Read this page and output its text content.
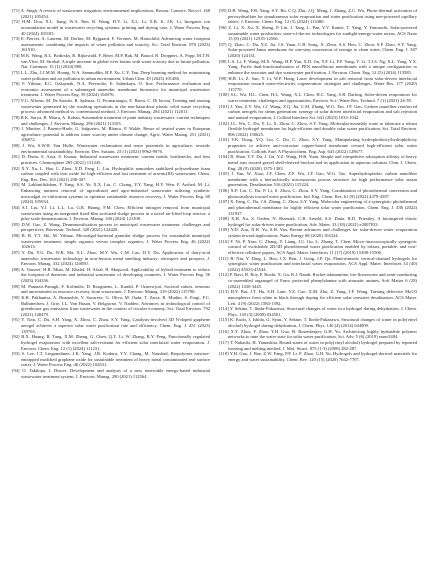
[71] A. Singh, A review of wastewater irrigation: environmental implications, Resour. Conserv. Recycl. 168 (2021) 105454.

[72] H.M. Dou, X.L. Jiang, W.A. Ren, B. Wang, H.Y. Li, X.L. Li, X.B. Ji, J.K. Li, Inorganic ion accumulation model in wastewater recycling systems: printing and dyeing case, J. Water Process Eng. 40 (2024) 105183.

[73] E. Piercet, A. Laurent, M. Dorber, M. Ryjgaard, F. Verones, M. Hauschild, Advancing water footprint assessments: combining the impacts of water pollution and scarcity, Sci. Total Environ. 870 (2023) 161910.

[74] M.K. Wang, R.L. Bodirsky, R. Rijkewald, F. Beier, M.P. Bak, M. Batool, B. Droppers, A. Popp, M.T.H. van Vliet, M. Strokal, A triple increase in global river basins with water scarcity due to future pollution, Nat. Commun. 15 (1) (2024) 880.

[75] L.L. Zhu, J.J.M.M. Hoang, N.A. Samnuddin, H.P. Xu, C.Y. Tan, Deep learning method for minimizing water pollution and air pollution in urban environment, Urban Clim. 49 (2023) 101486.

[76] F. Yilmaz, E.C. Ozkaynak, N.A. Pereiroliz, E. Sahinkaya, O. Itoe, Performance evaluation and economic assessment of a submerged anaerobic membrane bioreactor for municipal wastewater treatment, J. Water Process Eng. 59 (2024) 104976.

[77] V.G. Alfonsi, M. De Sanctis, R. Splenza, G. Prontaratagio, E. Barca, C. Di Iaconi, Treating and reusing wastewater generated by the washing operations in the non-hazardous plastic solid waste recycling process: advanced method vs. conventional method, J. Environ. Manag. 284 (2021) 112011.

[78] R.K. Surya, B. Marra, A. Kohan, Sustainable treatment of paint industry wastewater: current techniques and challenges, J. Environ. Manag. 296 (2021) 113105.

[79] J. Minière, J. Buenio-Harle, G. Salgueiro, M. Blanco, P. Walde, Reuse of treated water in European agriculture: potential to address water scarcity under climate change, Agric. Water Manag. 251 (2021) 106872.

[80] J. Wu, S.W.H. Van Hulle, Wastewater reclamation and reuse potentials in agriculture: towards environmental sustainability, Environ. Dev. Sustain. 23 (1) (2021) 9962-9976.

[81] D. Dutta, S. Arya, S. Kumar, Industrial wastewater treatment: current trends, bottlenecks, and best practices, Chemosphere 285 (2021) 131245.

[82] X.Y. Xu, L. Hao, L. Zhou, X.D. Fang, L. Liu, Hydrophilic nanotubes stabilized polyurethane foam carbon coupled with iron oxide for high-efficient and fast treatment of arsenic(III) wastewater, Chem. Eng. Res. Des. 165 (2021) 298-307.

[83] M. Lakhmifidohan, F. Yang, S.S. Ye, X.X. Liu, C. Chung, Y.Y. Yang, H.Y. Wen, F. Arshed, M. Li, Enhancing nutrient removal of agricultural and agro-industrial wastewater utilizing synthetic microalgal co-cultivation systems to optimize sustainable resource recovery, J. Water Process Eng. 60 (2024) 105034.

[84] S.J. Liu, Y.J. Li, L.L. Lu, G.R. Huang, F.M. Chen, Efficient nitrogen removal from municipal wastewater using an integrated fixed-film activated sludge process in a novel air-lifted loop reactor: a pilot-scale demonstration, J. Environ. Manag. 340 (2024) 121108.

[85] D.W. Gao, Z. Wang, Deammonification process in municipal wastewater treatment: challenges and perspectives, Bioresour. Technol. 320 (2021) 124420.

[86] B. B. Y.T. Shi, M. Yilmaz, Microalgal-bacterial granular sludge process for sustainable municipal wastewater treatment: simple organics versus complex organics, J. Water Process Eng. 46 (2022) 102613.

[87] Y. Du, Y.G. Du, W.R. Ma, X.L. Zhao, M.Y. Wu, C.M. Cao, D.Y. Du, Application of dairy-acid anaerobic wastewater technology in non-ferrous metal smelting industry: retrospect and prospect, J. Environ. Manag. 332 (2024) 120050.

[88] A. Tauseef, H.R. Mian, M. Khalid, H. Afzal, H. Maqsood, Applicability of hybrid treatment to reduce the footprint of domestic and industrial wastewater of developing countries, J. Water Process Eng. 56 (2023) 104336.

[89] M. Pantazis-Panagli, F. Kofinidis, D. Roogmens, L. Kandil, P. Ozarewjczi, Societal values, tensions and uncertainties in resource recovery from wastewater, J. Environ. Manag. 319 (2022) 115798.

[90] K.R. Pakhanisa, A. Buamohle, V. Savarese, G. Oliva, M. Oada, T. Zarra, R. Muduo, S. Fragi, F.C. Balhinechen, J. Grie, I.L. Van Hasan, V. Belgiorno, V. Naddeo, Advances in technological control of greenhouse gas emissions from wastewater in the context of circular economy, Sci. Total Environ. 792 (2021) 148479.

[91] Y. Tian, C. Du, S.H. Yang, X. Zhou, C. Zhou, S.Y. Yang, Catalysis-involved 3D N-doped graphene aerogel achieves a superior solar water purification rate and efficiency, Chem. Eng. J. 451 (2023) 139703.

[92] B.X. Huang, R. Tang, X.M. Zheng, G. Chen, Q.Y. Li, W. Zhang, B.Y. Peng, Functionally regulated hydrogel evaporators with excellent salt-resistant for efficient solar interfacial water evaporation, J. Environ. Chem. Eng. 12 (1) (2024) 111231.

[93] S. Lee, I.T. Lingamdinne, J.K. Yang, J.R. Koduru, Y.Y. Chang, M. Naushad, Biopolymer mixture-entrapped modified graphene oxide for sustainable treatment of heavy metal contaminated real surface water, J. Water Process Eng. 46 (2022) 102631.

[94] O. Takilopa, I. Dincer, Development and analysis of a new renewable energy-based industrial wastewater treatment system, J. Environ. Manag. 290 (2021) 112564.

[95] D.B. Wang, F.R. Yang, S.Y. Bu, C.Q. Zhu, J.Q. Meng, J. Zhang, Z.C. Wu, Photo-thermal activation of peroxydisulfate for simultaneous solar evaporation and water purification using non-powered capillary fabric, J. Environ. Chem. Eng. 12 (5) (2024) 113480.

[96] Z. Li, X. Xu, X. Sheng, P. Lin, J. Tang, L. Pan, Y.V. Kaneti, T. Yang, Y. Yamauchi, Solar-powered sustainable water production: state-of-the-art technologies for sunlight-energy-water nexus, ACS Nano 15 (8) (2021) 12535-12566.

[97] Q. Zhao, C. Du, Y.Z. Jia, J.S. Yuan, C.B. Song, X. Zhou, S.S. Hou, C. Zhou, S.P. Zhao, S.Y. Yang, Solar-powered Janus membrane for one-step conversion of sewage to clean water, Chem. Eng. J. 387 (2020) 124131.

[98] L.S. Li, F. Wang, M.X. Wang, H.P. Yan, X.D. Jin, Y.F. Li, F.F. Yang, Y. Li, T.J.S. Ng, X.L. Yang, Y.X. Yang, Facile dual-functionalization of PEN nanofibrous membranes with a unique configuration to enhance the seawater and dye wastewater purification, J. Environ. Chem. Eng. 12 (5) (2024) 113585.

[99] H.B. Li, Z. Sun, Y. Li, W.P. Hong, Laser development in salt removal from solar-driven interfacial evaporation toward water-electricity cogeneration: strategies and challenges, Water Res. 177 (2020) 115770.

[100] S.L. Wu, H.L. Chen, H.L. Wang, X.L. Chen, H.C. Yang, S.B. Darling, Solar-driven evaporators for water treatment: challenges and opportunities, Environ. Sci.: Water Res. Technol. 7 (1) (2021) 24-39.

[101] J. Yan, Z.Y. Wu, J.J. Wang, Z.Q. Jia, C.M. Zhang, W.G. Tao, J.F. Gao, Carbon nanofiber reinforced carbon aerogels for steam generation: synergy of solar driven interfacial evaporation and salt rejection and natural evaporation, J. Colloid Interface Sci. 641 (2023) 1033-1042.

[102] J.L. Wu, C. Du, Y. Li, X. Zhou, C. Zhou, S.Y. Yang, Molecular-assembly route to fabricate a robust flexible hydrogel membrane for high-efficient and durable solar water purification, Sci. Total Environ. 806 (2022) 150625.

[103] Y.K. Dong, Y.Q. Liu, C. Du, C. Zhou, S.Y. Yang, Manipulating hydrophobicity/hydrophilicity properties to achieve anti-corrosion copper-based membrane toward high-efficient solar water purification, Colloids Surf. A Physicochem. Eng. Asp. 643 (2022) 128677.

[104] B. Shan, Y.Y. Du, J. Gu, Y.Z. Wang, H.B. Yuan, Simple and competitive adsorption affinity of heavy metal ions toward gravel shell-derived biochar and its application in aqueous solution, Chin. J. Chem. Eng. 28 (9) (2020) 1375-1383.

[105] J. Yan, W. Xiao, J.F. Chen, Z.F. Wu, J.F. Gao, W.G. Tao, Superhydrophobic carbon nanofiber membrane with a hierarchically macroporous porous structure for high performance solar steam generation, Desalination 516 (2021) 115224.

[106] X.P. Liu, C. Du, P. Li, S. Zhou, C. Zhou, S.Y. Yang, Combination of photothermal conversion and photocatalysis toward water purification, Ind. Eng. Chem. Res. 61 (9) (2022) 4379-4387.

[107] X. Fang, C. Du, J.S. Zhang, C. Zhou, S.Y. Yang, Molecular engineering of a synergistic photothermal and photothermal membrane for highly efficient solar water purification, Chem. Eng. J. 436 (2022) 131937.

[108] X.H. Xu, S. Ozden, N. Bizmark, C.B. Arnold, S.S. Datta, R.D. Priestley, A bioinspired elastic hydrogel for solar-driven water purification, Adv. Mater. 33 (18) (2021) e2007833.

[109] Y.D. Zou, N.H. Yu, S.H. Yan, Recent advances and challenges for solar-driven water evaporation system toward applications, Nano Energy 68 (2020) 104324.

[110] F. Ni, P. Xiao, C. Zhang, Y. Liang, J.C. Gu, L. Zhang, T. Chen, Micro-/macroscopically synergetic control of switchable 2D/3D photothermal water purification enabled by robust, portable, and cost-effective cellulose papers, ACS Appl. Mater. Interfaces 11 (17) (2019) 15498-15506.

[111] R. Niu, Y. Ding, L. Hao, J.X. Ren, J. Gong, J.P. Qu, Plant-mimetic vertical-channel hydrogels for synergistic water purification and interfacial water evaporation, ACS Appl. Mater. Interfaces 14 (40) (2022) 45533-45544.

[112] P. Ravi, B. Roy, P. Roohi, X. Gu, R.J. Nandi, Rocket-adamantine, bio-fluorescent and semi-conducting co-assembled organogel of Fmoc protected phenylalanine with aromatic amines, Soft Matter 6 (28) (2022) 1430-3445.

[113] H.Y. Bai, J.T. Hu, S.H. Lam, Y.Z. Cao, X.M. Zhu, Z. Yang, J.F. Wang, Turning defective MoO3 nanospheres from white to black through doping for efficient solar seawater desalination, ACS Mater. Lett. 4 (9) (2022) 1584-1592.

[114] Y. Sekine, T. Ikeda-Fukazawa, Structural changes of water in a hydrogel during dehydration, J. Chem. Phys. 130 (3) (2009) 034501.

[115] K. Kudo, J. Ishida, G. Syuu, Y. Sekine, T. Ikeda-Fukazawa, Structural changes of water in poly(vinyl alcohol) hydrogel during dehydration, J. Chem. Phys. 140 (4) (2014) 044909.

[116] X.Y. Zhou, F. Zhao, Y.H. Guo, B. Rosenberger, G.H. Yu, Architecting highly hydratable polymer networks to tune the water state for solar water purification, Sci. Adv. 5 (6) (2019) eaaw5484.

[117] T. Nakaoki, H. Yamashita, Bound states of water in poly(vinyl alcohol) hydrogel prepared by repeated freezing and melting method, J. Mol. Struct. 875 (1-3) (2008) 282-287.

[118] Y.H. Guo, J. Bae, Z.W. Fang, P.P. Li, F. Zhao, G.H. Yu, Hydrogels and hydrogel-derived materials for energy and water sustainability, Chem. Rev. 120 (15) (2020) 7642-7707.
